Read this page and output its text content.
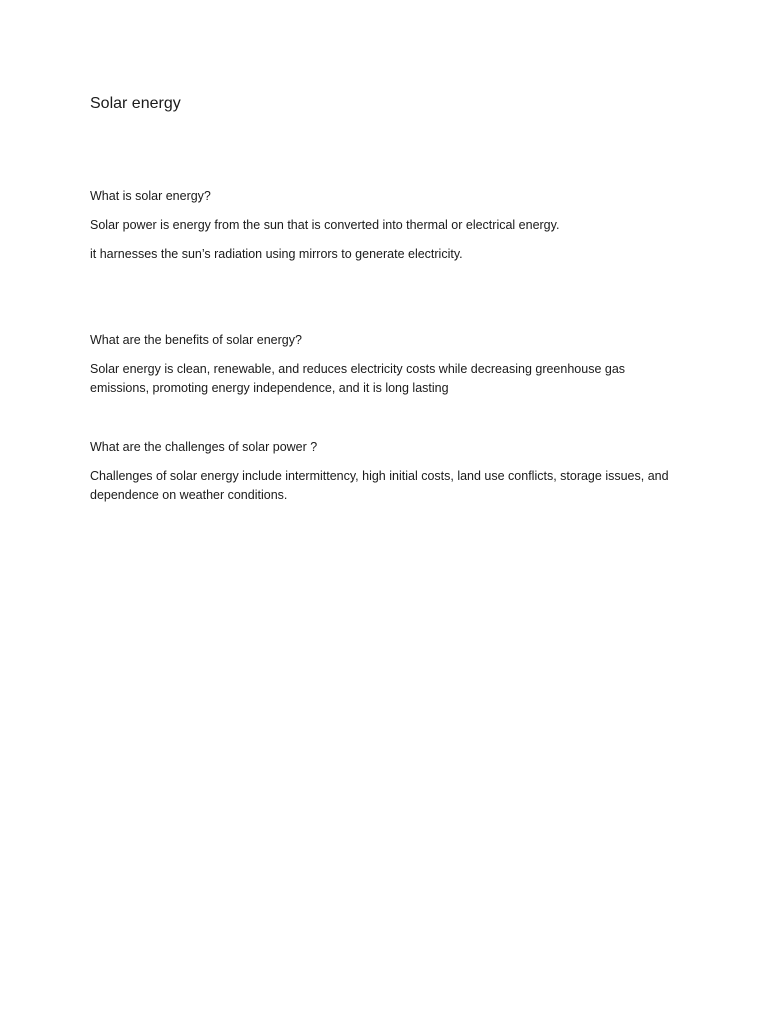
Solar energy

What is solar energy?

Solar power is energy from the sun that is converted into thermal or electrical energy.

it harnesses the sun’s radiation using mirrors to generate electricity.

What are the benefits of solar energy?

Solar energy is clean, renewable, and reduces electricity costs while decreasing greenhouse gas emissions, promoting energy independence, and it is long lasting

What are the challenges of solar power ?

Challenges of solar energy include intermittency, high initial costs, land use conflicts, storage issues, and dependence on weather conditions.
